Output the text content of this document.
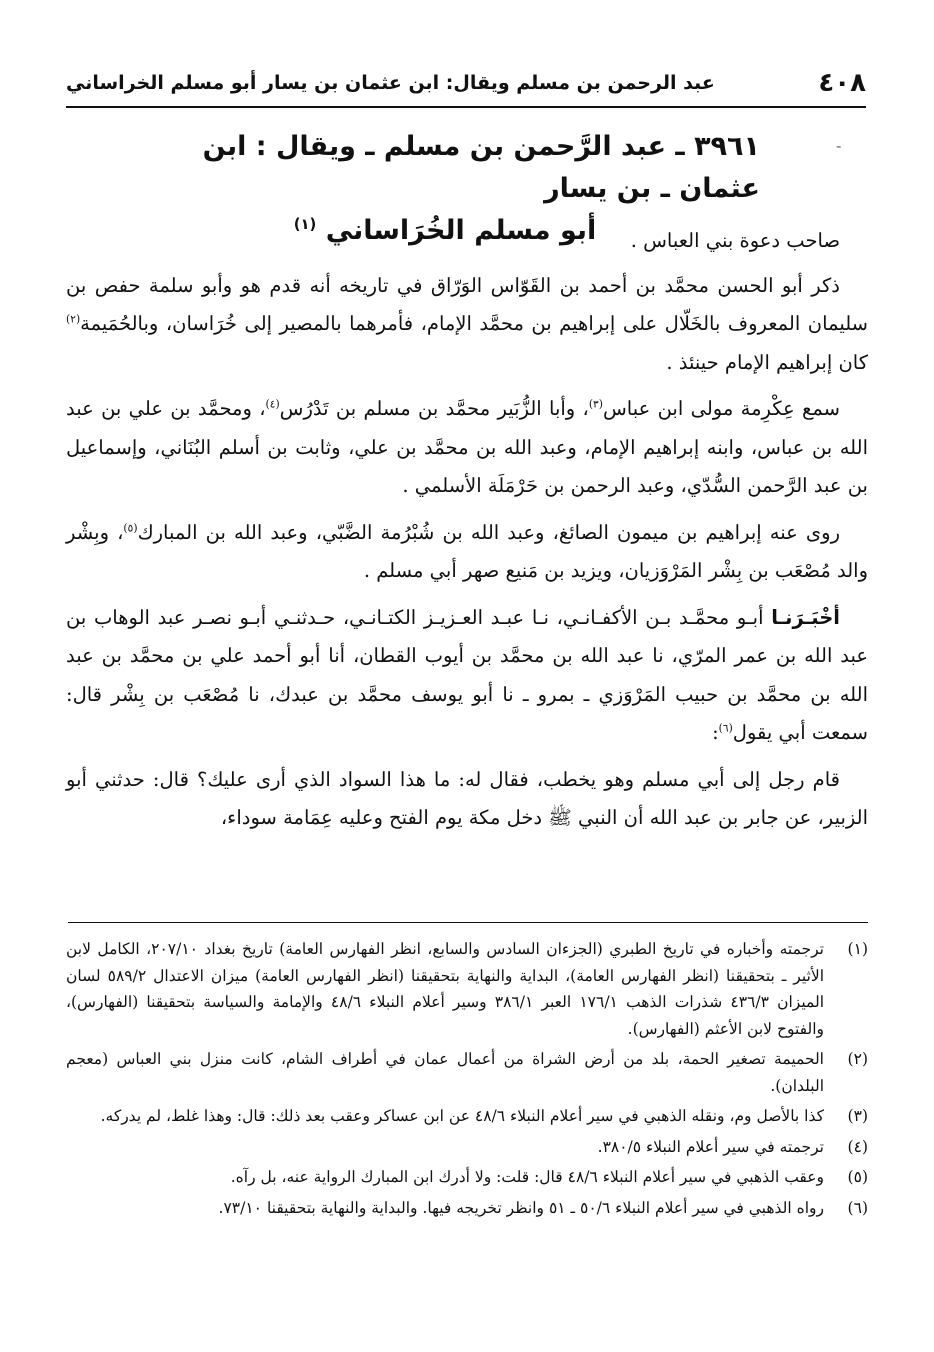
٤٠٨
عبد الرحمن بن مسلم ويقال: ابن عثمان بن يسار أبو مسلم الخراساني
-
٣٩٦١ ـ عبد الرَّحمن بن مسلم ـ ويقال : ابن عثمان ـ بن يسار
أبو مسلم الخُرَاساني $^{(١)}$

صاحب دعوة بني العباس .

ذكر أبو الحسن محمَّد بن أحمد بن القَوّاس الوَرّاق في تاريخه أنه قدم هو وأبو سلمة حفص بن سليمان المعروف بالخَلّال على إبراهيم بن محمَّد الإمام، فأمرهما بالمصير إلى خُرَاسان، وبالحُمَيمة$^{(٢)}$ كان إبراهيم الإمام حينئذ .

سمع عِكْرِمة مولى ابن عباس$^{(٣)}$، وأبا الزُّبَير محمَّد بن مسلم بن تَدْرُس$^{(٤)}$، ومحمَّد بن علي بن عبد الله بن عباس، وابنه إبراهيم الإمام، وعبد الله بن محمَّد بن علي، وثابت بن أسلم البُنَاني، وإسماعيل بن عبد الرَّحمن السُّدّي، وعبد الرحمن بن حَرْمَلَة الأسلمي .

روى عنه إبراهيم بن ميمون الصائغ، وعبد الله بن شُبْرُمة الضَّبّي، وعبد الله بن المبارك$^{(٥)}$، وبِشْر والد مُصْعَب بن بِشْر المَرْوَزيان، ويزيد بن مَنيع صهر أبي مسلم .

أخْبَـرَنـا أبـو محمَّـد بـن الأكفـانـي، نـا عبـد العـزيـز الكتـانـي، حـدثنـي أبـو نصـر عبد الوهاب بن عبد الله بن عمر المرّي، نا عبد الله بن محمَّد بن أيوب القطان، أنا أبو أحمد علي بن محمَّد بن عبد الله بن محمَّد بن حبيب المَرْوَزي ـ بمرو ـ نا أبو يوسف محمَّد بن عبدك، نا مُصْعَب بن بِشْر قال: سمعت أبي يقول$^{(٦)}$:

قام رجل إلى أبي مسلم وهو يخطب، فقال له: ما هذا السواد الذي أرى عليك؟ قال: حدثني أبو الزبير، عن جابر بن عبد الله أن النبي ﷺ دخل مكة يوم الفتح وعليه عِمَامة سوداء،

(١)
ترجمته وأخباره في تاريخ الطبري (الجزءان السادس والسابع، انظر الفهارس العامة) تاريخ بغداد ٢٠٧/١٠، الكامل لابن الأثير ـ بتحقيقنا (انظر الفهارس العامة)، البداية والنهاية بتحقيقنا (انظر الفهارس العامة) ميزان الاعتدال ٥٨٩/٢ لسان الميزان ٤٣٦/٣ شذرات الذهب ١٧٦/١ العبر ٣٨٦/١ وسير أعلام النبلاء ٤٨/٦ والإمامة والسياسة بتحقيقنا (الفهارس)، والفتوح لابن الأعثم (الفهارس).
(٢)
الحميمة تصغير الحمة، بلد من أرض الشراة من أعمال عمان في أطراف الشام، كانت منزل بني العباس (معجم البلدان).
(٣)
كذا بالأصل وم، ونقله الذهبي في سير أعلام النبلاء ٤٨/٦ عن ابن عساكر وعقب بعد ذلك: قال: وهذا غلط، لم يدركه.
(٤)
ترجمته في سير أعلام النبلاء ٣٨٠/٥.
(٥)
وعقب الذهبي في سير أعلام النبلاء ٤٨/٦ قال: قلت: ولا أدرك ابن المبارك الرواية عنه، بل رآه.
(٦)
رواه الذهبي في سير أعلام النبلاء ٥٠/٦ ـ ٥١ وانظر تخريجه فيها. والبداية والنهاية بتحقيقنا ٧٣/١٠.
